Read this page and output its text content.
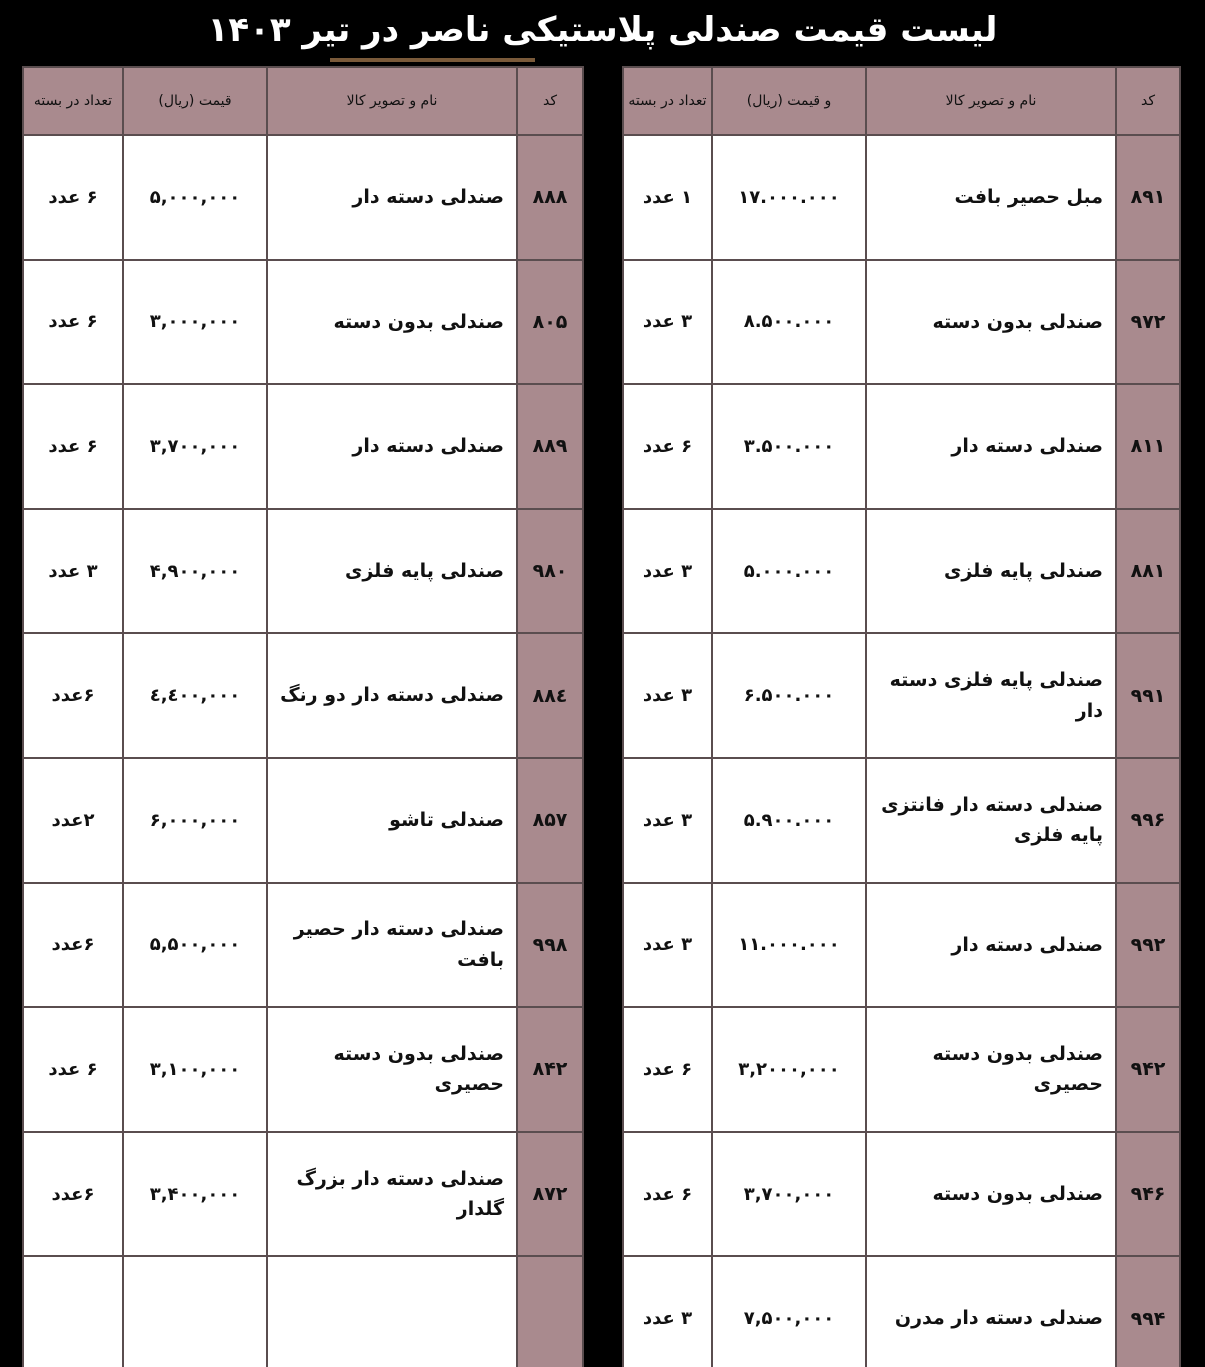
لیست قیمت صندلی پلاستیکی ناصر در تیر ۱۴۰۳
کد	نام و تصویر کالا	و قیمت (ریال)	تعداد در بسته
۸۹۱	مبل حصیر بافت	۱۷.۰۰۰.۰۰۰	۱ عدد
۹۷۲	صندلی بدون دسته	۸.۵۰۰.۰۰۰	۳ عدد
۸۱۱	صندلی دسته دار	۳.۵۰۰.۰۰۰	۶ عدد
۸۸۱	صندلی پایه فلزی	۵.۰۰۰.۰۰۰	۳ عدد
۹۹۱	صندلی پایه فلزی دسته دار	۶.۵۰۰.۰۰۰	۳ عدد
۹۹۶	صندلی دسته دار فانتزی پایه فلزی	۵.۹۰۰.۰۰۰	۳ عدد
۹۹۲	صندلی دسته دار	۱۱.۰۰۰.۰۰۰	۳ عدد
۹۴۲	صندلی بدون دسته حصیری	۳,۲۰۰۰,۰۰۰	۶ عدد
۹۴۶	صندلی بدون دسته	۳,۷۰۰,۰۰۰	۶ عدد
۹۹۴	صندلی دسته دار مدرن	۷,۵۰۰,۰۰۰	۳ عدد
کد	نام و تصویر کالا	قیمت (ریال)	تعداد در بسته
۸۸۸	صندلی دسته دار	۵,۰۰۰,۰۰۰	۶ عدد
۸۰۵	صندلی بدون دسته	۳,۰۰۰,۰۰۰	۶ عدد
۸۸۹	صندلی دسته دار	۳,۷۰۰,۰۰۰	۶ عدد
۹۸۰	صندلی پایه فلزی	۴,۹۰۰,۰۰۰	۳ عدد
۸۸٤	صندلی دسته دار دو رنگ	٤,٤۰۰,۰۰۰	۶عدد
۸۵۷	صندلی تاشو	۶,۰۰۰,۰۰۰	۲عدد
۹۹۸	صندلی دسته دار حصیر بافت	۵,۵۰۰,۰۰۰	۶عدد
۸۴۲	صندلی بدون دسته حصیری	۳,۱۰۰,۰۰۰	۶ عدد
۸۷۲	صندلی دسته دار بزرگ گلدار	۳,۴۰۰,۰۰۰	۶عدد
